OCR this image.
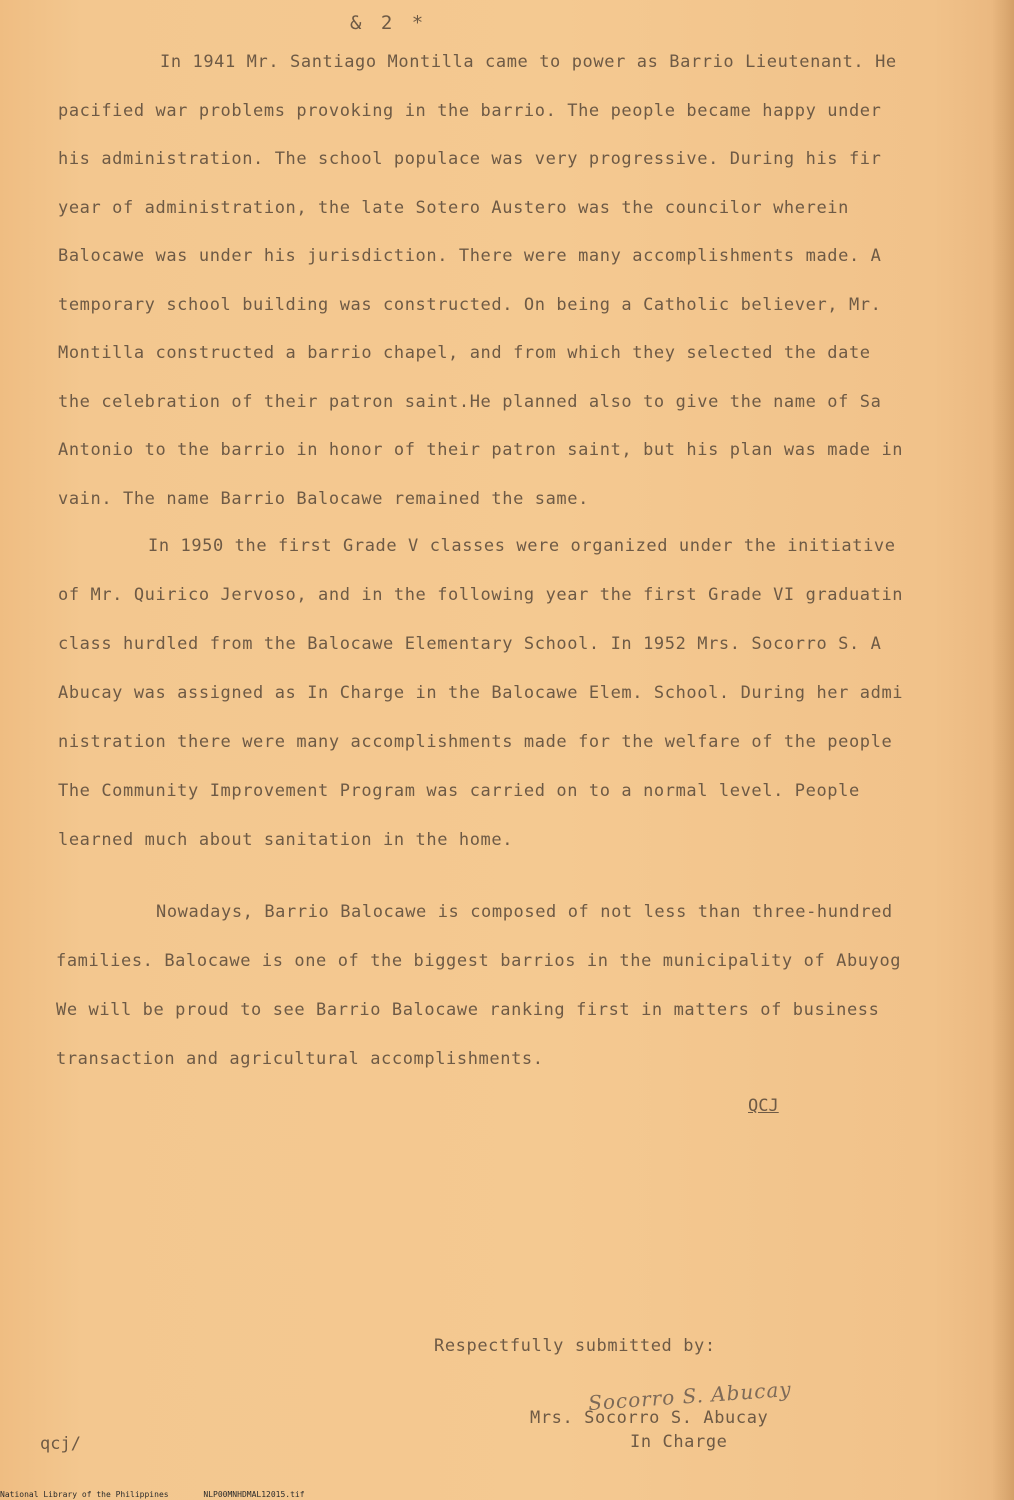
& 2 *
In 1941 Mr. Santiago Montilla came to power as Barrio Lieutenant. He
pacified war problems provoking in the barrio. The people became happy under
his administration. The school populace was very progressive. During his fir
year of administration, the late Sotero Austero was the councilor wherein
Balocawe was under his jurisdiction. There were many accomplishments made. A
temporary school building was constructed. On being a Catholic believer, Mr.
Montilla constructed a barrio chapel, and from which they selected the date
the celebration of their patron saint.He planned also to give the name of Sa
Antonio to the barrio in honor of their patron saint, but his plan was made in
vain. The name Barrio Balocawe remained the same.
In 1950 the first Grade V classes were organized under the initiative
of Mr. Quirico Jervoso, and in the following year the first Grade VI graduatin
class hurdled from the Balocawe Elementary School. In 1952 Mrs. Socorro S. A
Abucay was assigned as In Charge in the Balocawe Elem. School. During her admi
nistration there were many accomplishments made for the welfare of the people
The Community Improvement Program was carried on to a normal level. People
learned much about sanitation in the home.
Nowadays, Barrio Balocawe is composed of not less than three-hundred
families. Balocawe is one of the biggest barrios in the municipality of Abuyog
We will be proud to see Barrio Balocawe ranking first in matters of business
transaction and agricultural accomplishments.
QCJ
Respectfully submitted by:
Socorro S. Abucay
Mrs. Socorro S. Abucay
In Charge
qcj/
National Library of the Philippines	NLP00MNHDMAL12015.tif
